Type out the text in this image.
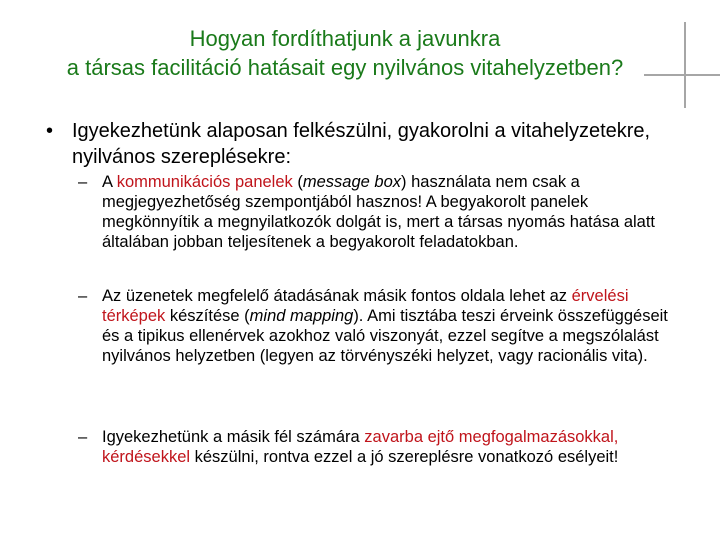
Hogyan fordíthatjunk a javunkra
a társas facilitáció hatásait egy nyilvános vitahelyzetben?
• Igyekezhetünk alaposan felkészülni, gyakorolni a vitahelyzetekre, nyilvános szereplésekre:
– A kommunikációs panelek (message box) használata nem csak a megjegyezhetőség szempontjából hasznos! A begyakorolt panelek megkönnyítik a megnyilatkozók dolgát is, mert a társas nyomás hatása alatt általában jobban teljesítenek a begyakorolt feladatokban.
– Az üzenetek megfelelő átadásának másik fontos oldala lehet az érvelési térképek készítése (mind mapping). Ami tisztába teszi érveink összefüggéseit és a tipikus ellenérvek azokhoz való viszonyát, ezzel segítve a megszólalást nyilvános helyzetben (legyen az törvényszéki helyzet, vagy racionális vita).
– Igyekezhetünk a másik fél számára zavarba ejtő megfogalmazásokkal, kérdésekkel készülni, rontva ezzel a jó szereplésre vonatkozó esélyeit!
